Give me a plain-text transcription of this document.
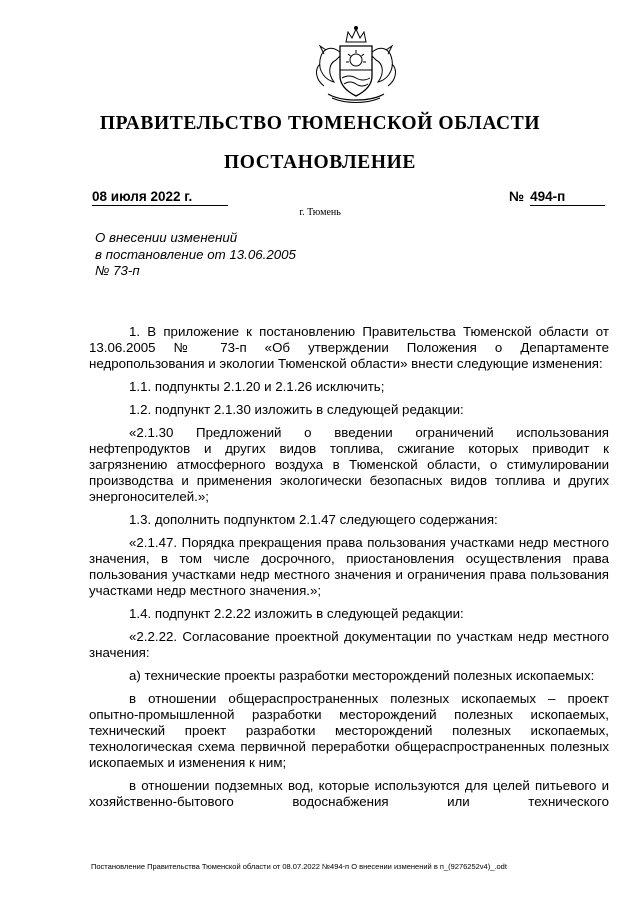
ПРАВИТЕЛЬСТВО ТЮМЕНСКОЙ ОБЛАСТИ
ПОСТАНОВЛЕНИЕ
08 июля 2022 г.	№ 494-п
г. Тюмень
О внесении изменений
в постановление от 13.06.2005
№ 73-п

1. В приложение к постановлению Правительства Тюменской области от 13.06.2005 № 73-п «Об утверждении Положения о Департаменте недропользования и экологии Тюменской области» внести следующие изменения:

1.1. подпункты 2.1.20 и 2.1.26 исключить;

1.2. подпункт 2.1.30 изложить в следующей редакции:

«2.1.30 Предложений о введении ограничений использования нефтепродуктов и других видов топлива, сжигание которых приводит к загрязнению атмосферного воздуха в Тюменской области, о стимулировании производства и применения экологически безопасных видов топлива и других энергоносителей.»;

1.3. дополнить подпунктом 2.1.47 следующего содержания:

«2.1.47. Порядка прекращения права пользования участками недр местного значения, в том числе досрочного, приостановления осуществления права пользования участками недр местного значения и ограничения права пользования участками недр местного значения.»;

1.4. подпункт 2.2.22 изложить в следующей редакции:

«2.2.22. Согласование проектной документации по участкам недр местного значения:

а) технические проекты разработки месторождений полезных ископаемых:

в отношении общераспространенных полезных ископаемых – проект опытно-промышленной разработки месторождений полезных ископаемых, технический проект разработки месторождений полезных ископаемых, технологическая схема первичной переработки общераспространенных полезных ископаемых и изменения к ним;

в отношении подземных вод, которые используются для целей питьевого и хозяйственно-бытового водоснабжения или технического

Постановление Правительства Тюменской области от 08.07.2022 №494-п О внесении изменений в п_(9276252v4)_.odt
